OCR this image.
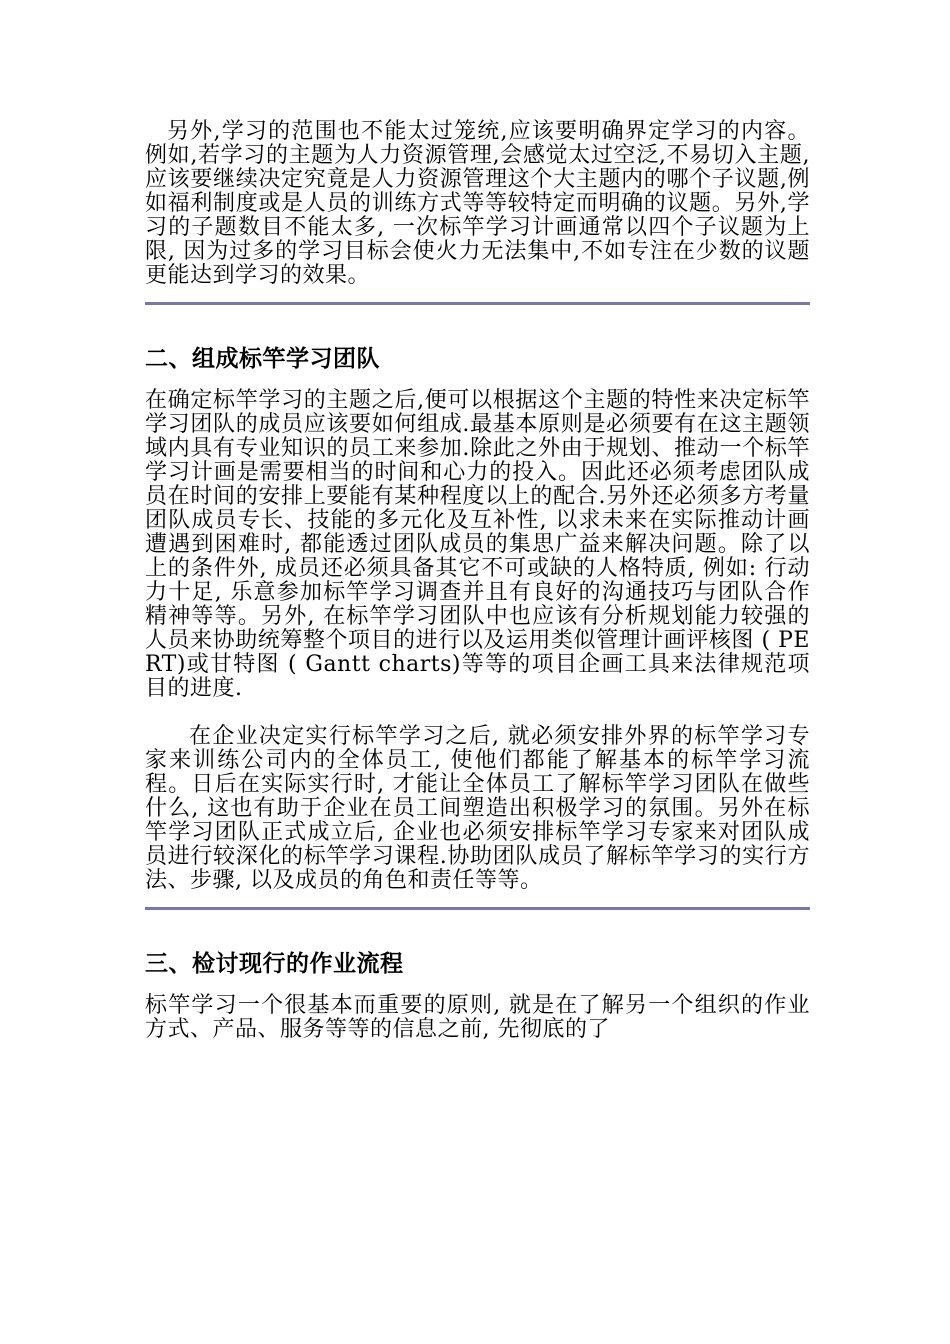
另外,学习的范围也不能太过笼统,应该要明确界定学习的内容。例如,若学习的主题为人力资源管理,会感觉太过空泛,不易切入主题,应该要继续决定究竟是人力资源管理这个大主题内的哪个子议题,例如福利制度或是人员的训练方式等等较特定而明确的议题。另外,学习的子题数目不能太多, 一次标竿学习计画通常以四个子议题为上限, 因为过多的学习目标会使火力无法集中,不如专注在少数的议题更能达到学习的效果。

二、组成标竿学习团队

在确定标竿学习的主题之后,便可以根据这个主题的特性来决定标竿学习团队的成员应该要如何组成.最基本原则是必须要有在这主题领域内具有专业知识的员工来参加.除此之外由于规划、推动一个标竿学习计画是需要相当的时间和心力的投入。因此还必须考虑团队成员在时间的安排上要能有某种程度以上的配合.另外还必须多方考量团队成员专长、技能的多元化及互补性, 以求未来在实际推动计画遭遇到困难时, 都能透过团队成员的集思广益来解决问题。除了以上的条件外, 成员还必须具备其它不可或缺的人格特质, 例如: 行动力十足, 乐意参加标竿学习调查并且有良好的沟通技巧与团队合作精神等等。另外, 在标竿学习团队中也应该有分析规划能力较强的人员来协助统筹整个项目的进行以及运用类似管理计画评核图 ( PERT)或甘特图 ( Gantt charts)等等的项目企画工具来法律规范项目的进度.

在企业决定实行标竿学习之后, 就必须安排外界的标竿学习专家来训练公司内的全体员工, 使他们都能了解基本的标竿学习流程。日后在实际实行时, 才能让全体员工了解标竿学习团队在做些什么, 这也有助于企业在员工间塑造出积极学习的氛围。另外在标竿学习团队正式成立后, 企业也必须安排标竿学习专家来对团队成员进行较深化的标竿学习课程.协助团队成员了解标竿学习的实行方法、步骤, 以及成员的角色和责任等等。

三、检讨现行的作业流程

标竿学习一个很基本而重要的原则, 就是在了解另一个组织的作业方式、产品、服务等等的信息之前, 先彻底的了
